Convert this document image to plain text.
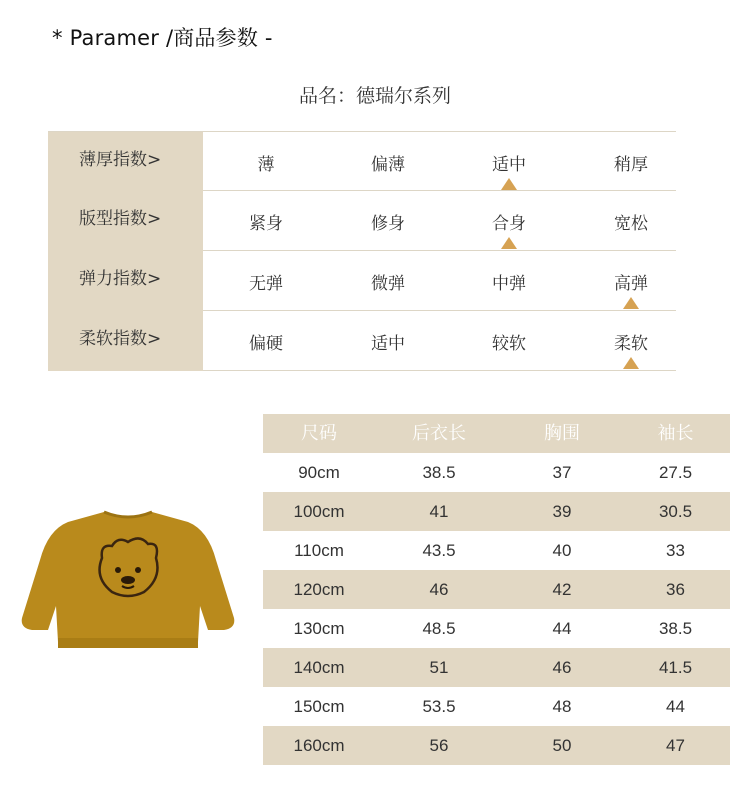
* Paramer /商品参数 -
品名：德瑞尔系列
薄厚指数>	薄	偏薄	适中	稍厚
版型指数>	紧身	修身	合身	宽松
弹力指数>	无弹	微弹	中弹	高弹
柔软指数>	偏硬	适中	较软	柔软
尺码	后衣长	胸围	袖长
90cm	38.5	37	27.5
100cm	41	39	30.5
110cm	43.5	40	33
120cm	46	42	36
130cm	48.5	44	38.5
140cm	51	46	41.5
150cm	53.5	48	44
160cm	56	50	47
